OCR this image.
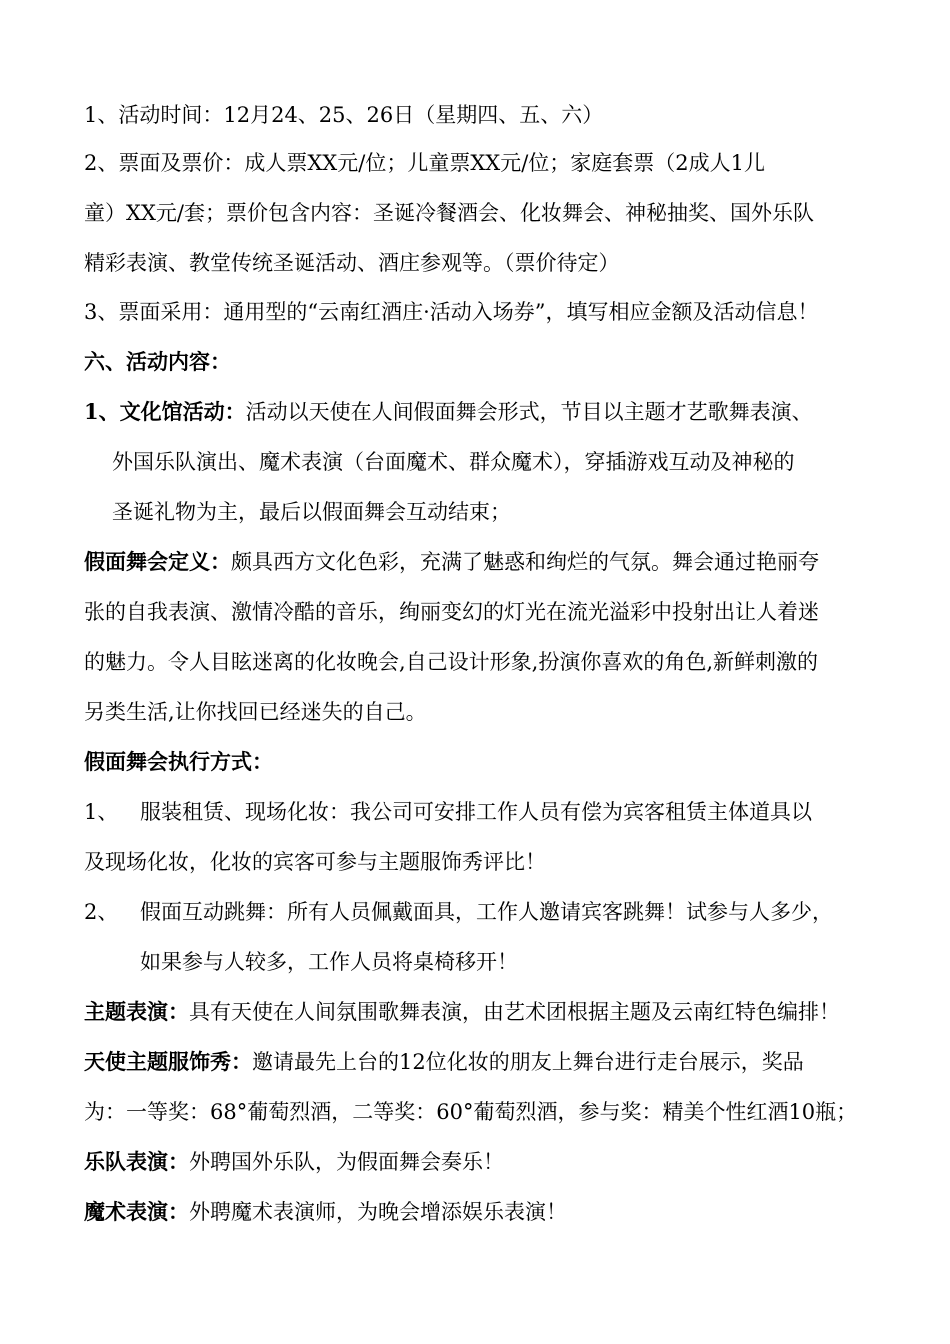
1、活动时间：12月24、25、26日（星期四、五、六）
2、票面及票价：成人票XX元/位；儿童票XX元/位；家庭套票（2成人1儿
童）XX元/套；票价包含内容：圣诞冷餐酒会、化妆舞会、神秘抽奖、国外乐队
精彩表演、教堂传统圣诞活动、酒庄参观等。（票价待定）
3、票面采用：通用型的“云南红酒庄·活动入场券”，填写相应金额及活动信息！
六、活动内容：
1、文化馆活动：活动以天使在人间假面舞会形式，节目以主题才艺歌舞表演、
外国乐队演出、魔术表演（台面魔术、群众魔术），穿插游戏互动及神秘的
圣诞礼物为主，最后以假面舞会互动结束；
假面舞会定义：颇具西方文化色彩，充满了魅惑和绚烂的气氛。舞会通过艳丽夸
张的自我表演、激情冷酷的音乐，绚丽变幻的灯光在流光溢彩中投射出让人着迷
的魅力。令人目眩迷离的化妆晚会,自己设计形象,扮演你喜欢的角色,新鲜刺激的
另类生活,让你找回已经迷失的自己。
假面舞会执行方式：
1、 服装租赁、现场化妆：我公司可安排工作人员有偿为宾客租赁主体道具以
及现场化妆，化妆的宾客可参与主题服饰秀评比！
2、 假面互动跳舞：所有人员佩戴面具，工作人邀请宾客跳舞！试参与人多少，
如果参与人较多，工作人员将桌椅移开！
主题表演：具有天使在人间氛围歌舞表演，由艺术团根据主题及云南红特色编排！
天使主题服饰秀：邀请最先上台的12位化妆的朋友上舞台进行走台展示，奖品
为：一等奖：68°葡萄烈酒，二等奖：60°葡萄烈酒，参与奖：精美个性红酒10瓶；
乐队表演：外聘国外乐队，为假面舞会奏乐！
魔术表演：外聘魔术表演师，为晚会增添娱乐表演！
